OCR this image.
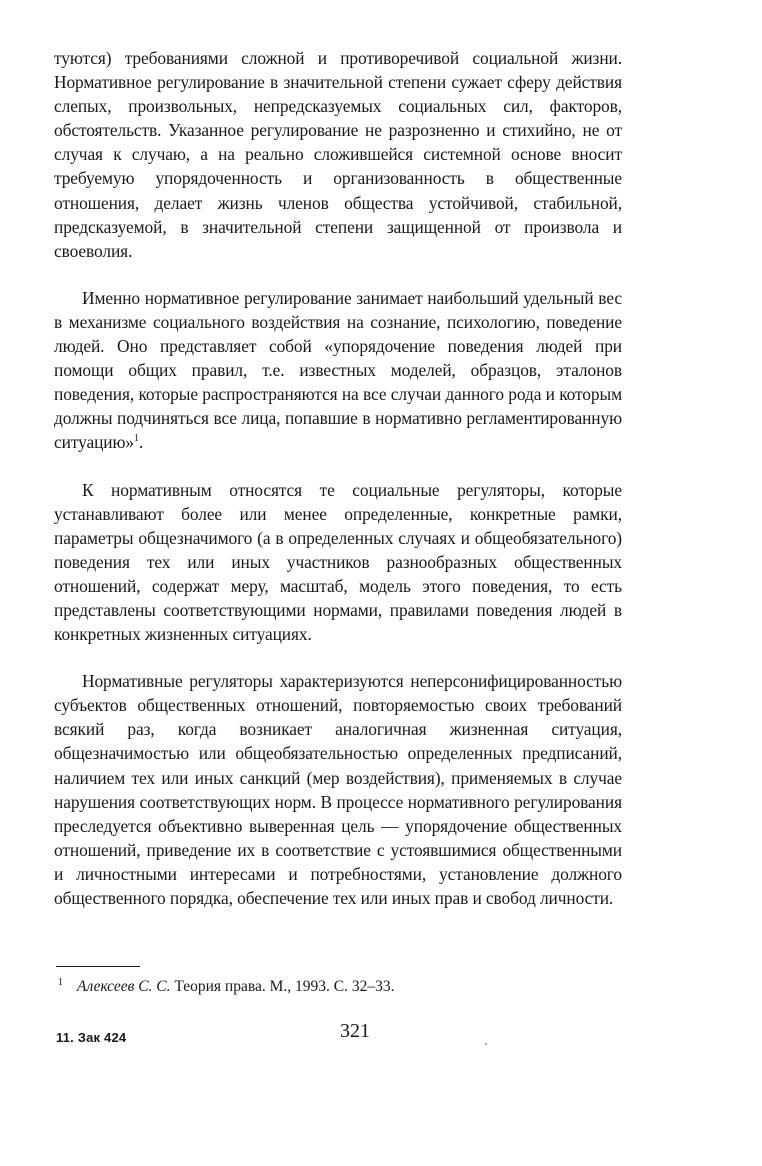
туются) требованиями сложной и противоречивой социальной жизни. Нормативное регулирование в значительной степени сужает сферу действия слепых, произвольных, непредсказуемых социальных сил, факторов, обстоятельств. Указанное регулирование не разрозненно и стихийно, не от случая к случаю, а на реально сложившейся системной основе вносит требуемую упорядоченность и организованность в общественные отношения, делает жизнь членов общества устойчивой, стабильной, предсказуемой, в значительной степени защищенной от произвола и своеволия.

Именно нормативное регулирование занимает наибольший удельный вес в механизме социального воздействия на сознание, психологию, поведение людей. Оно представляет собой «упорядочение поведения людей при помощи общих правил, т.е. известных моделей, образцов, эталонов поведения, которые распространяются на все случаи данного рода и которым должны подчиняться все лица, попавшие в нормативно регламентированную ситуацию»$^1$.

К нормативным относятся те социальные регуляторы, которые устанавливают более или менее определенные, конкретные рамки, параметры общезначимого (а в определенных случаях и общеобязательного) поведения тех или иных участников разнообразных общественных отношений, содержат меру, масштаб, модель этого поведения, то есть представлены соответствующими нормами, правилами поведения людей в конкретных жизненных ситуациях.

Нормативные регуляторы характеризуются неперсонифицированностью субъектов общественных отношений, повторяемостью своих требований всякий раз, когда возникает аналогичная жизненная ситуация, общезначимостью или общеобязательностью определенных предписаний, наличием тех или иных санкций (мер воздействия), применяемых в случае нарушения соответствующих норм. В процессе нормативного регулирования преследуется объективно выверенная цель — упорядочение общественных отношений, приведение их в соответствие с устоявшимися общественными и личностными интересами и потребностями, установление должного общественного порядка, обеспечение тех или иных прав и свобод личности.

$^1$ Алексеев С. С. Теория права. М., 1993. С. 32–33.
11. Зак 424	321
